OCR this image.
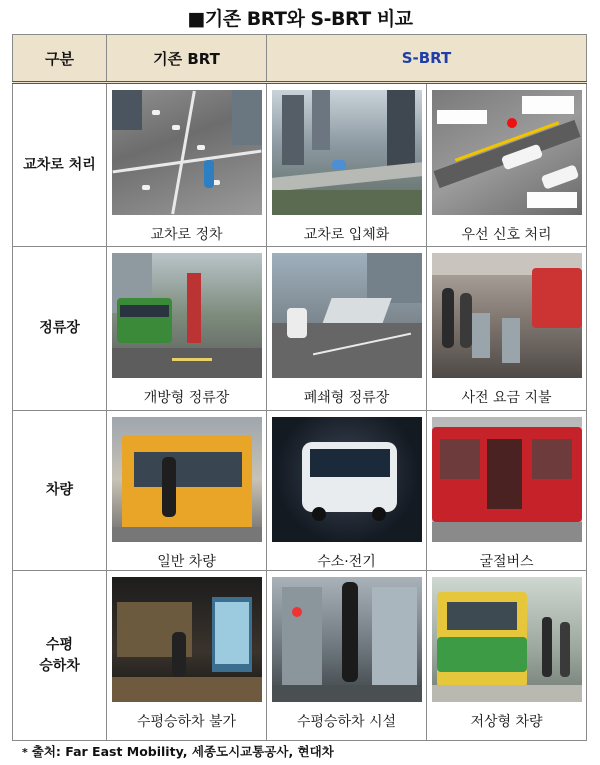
■기존 BRT와 S-BRT 비교
구분	기존 BRT	S-BRT	
교차로 처리	교차로 정차	교차로 입체화	우선 신호 처리

정류장	개방형 정류장	폐쇄형 정류장	사전 요금 지불

차량	일반 차량	수소·전기	굴절버스

수평
승하차	수평승하차 불가	수평승하차 시설	저상형 차량
* 출처: Far East Mobility, 세종도시교통공사, 현대차
